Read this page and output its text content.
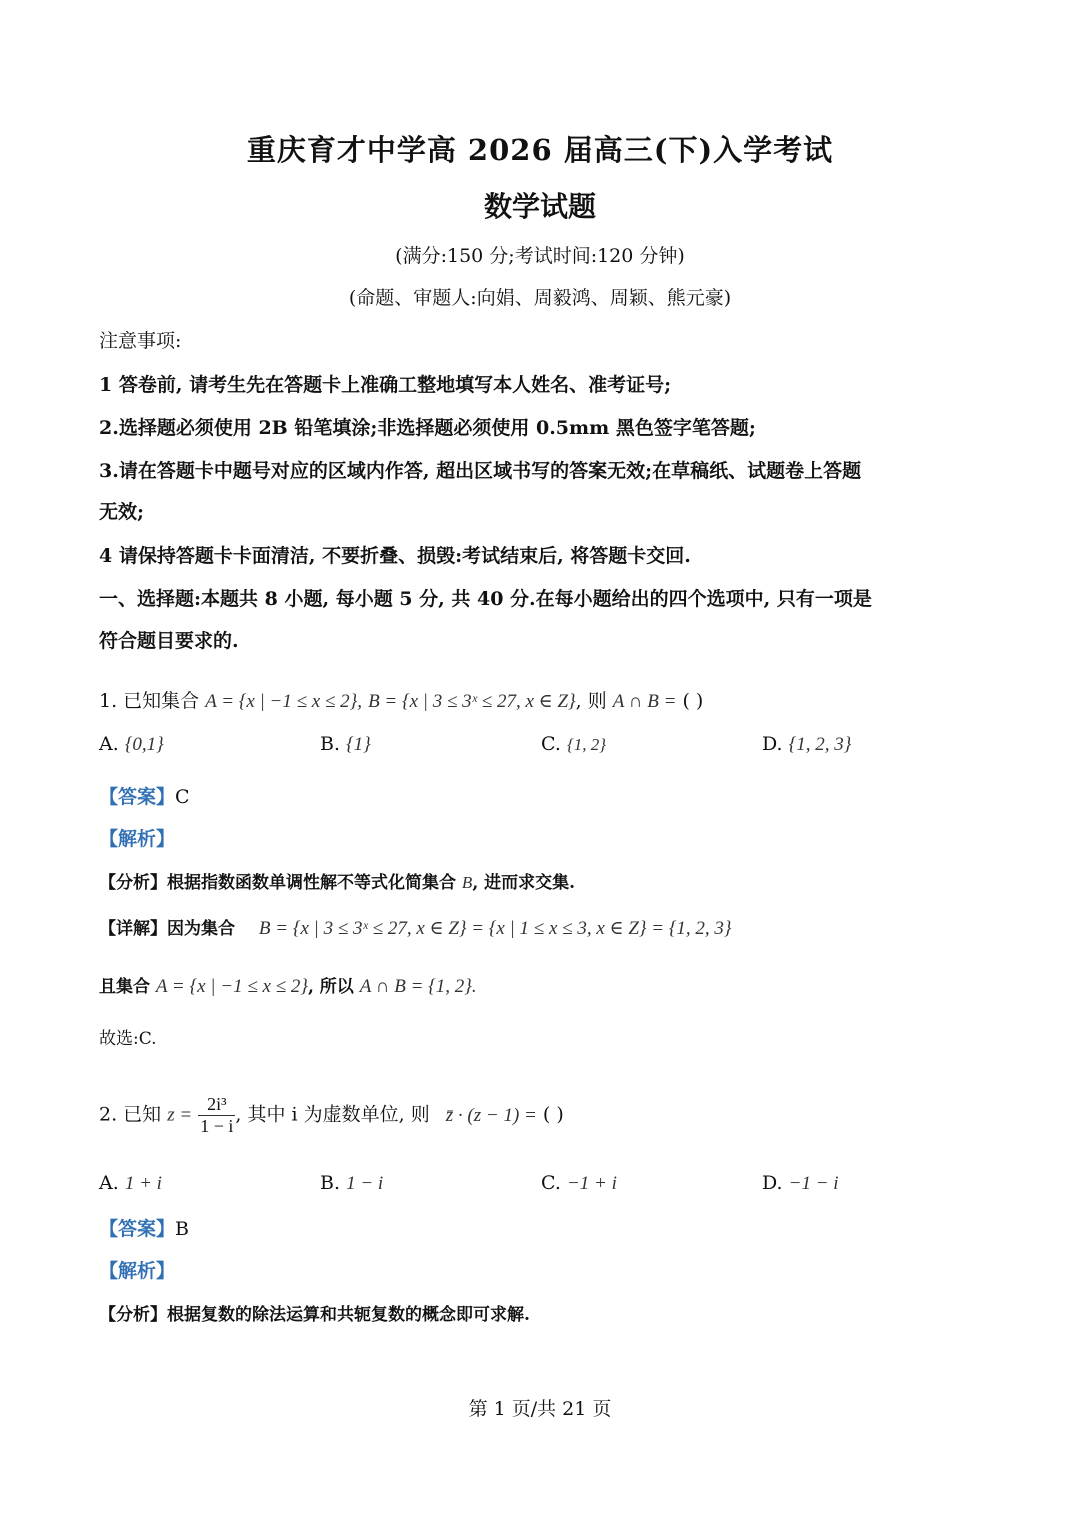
重庆育才中学高 2026 届高三(下)入学考试
数学试题
(满分:150 分;考试时间:120 分钟)
(命题、审题人:向娟、周毅鸿、周颖、熊元豪)
注意事项:
1 答卷前, 请考生先在答题卡上准确工整地填写本人姓名、准考证号;
2.选择题必须使用 2B 铅笔填涂;非选择题必须使用 0.5mm 黑色签字笔答题;
3.请在答题卡中题号对应的区域内作答, 超出区域书写的答案无效;在草稿纸、试题卷上答题
无效;
4 请保持答题卡卡面清洁, 不要折叠、损毁:考试结束后, 将答题卡交回.
一、选择题:本题共 8 小题, 每小题 5 分, 共 40 分.在每小题给出的四个选项中, 只有一项是
符合题目要求的.
1. 已知集合 A = {x | −1 ≤ x ≤ 2}, B = {x | 3 ≤ 3ˣ ≤ 27, x ∈ Z}, 则 A ∩ B = ( )
A. {0,1}	B. {1}	C. {1, 2}	D. {1, 2, 3}
【答案】C
【解析】
【分析】根据指数函数单调性解不等式化简集合 B, 进而求交集.
【详解】因为集合 B = {x | 3 ≤ 3ˣ ≤ 27, x ∈ Z} = {x | 1 ≤ x ≤ 3, x ∈ Z} = {1, 2, 3}
且集合 A = {x | −1 ≤ x ≤ 2}, 所以 A ∩ B = {1, 2}.
故选:C.
2. 已知 $z = \frac{\text{2i³}}{1 - i}$ , 其中 i 为虚数单位, 则 z̄ · (z − 1) = ( )
A. 1 + i	B. 1 − i	C. −1 + i	D. −1 − i
【答案】B
【解析】
【分析】根据复数的除法运算和共轭复数的概念即可求解.
第 1 页/共 21 页
